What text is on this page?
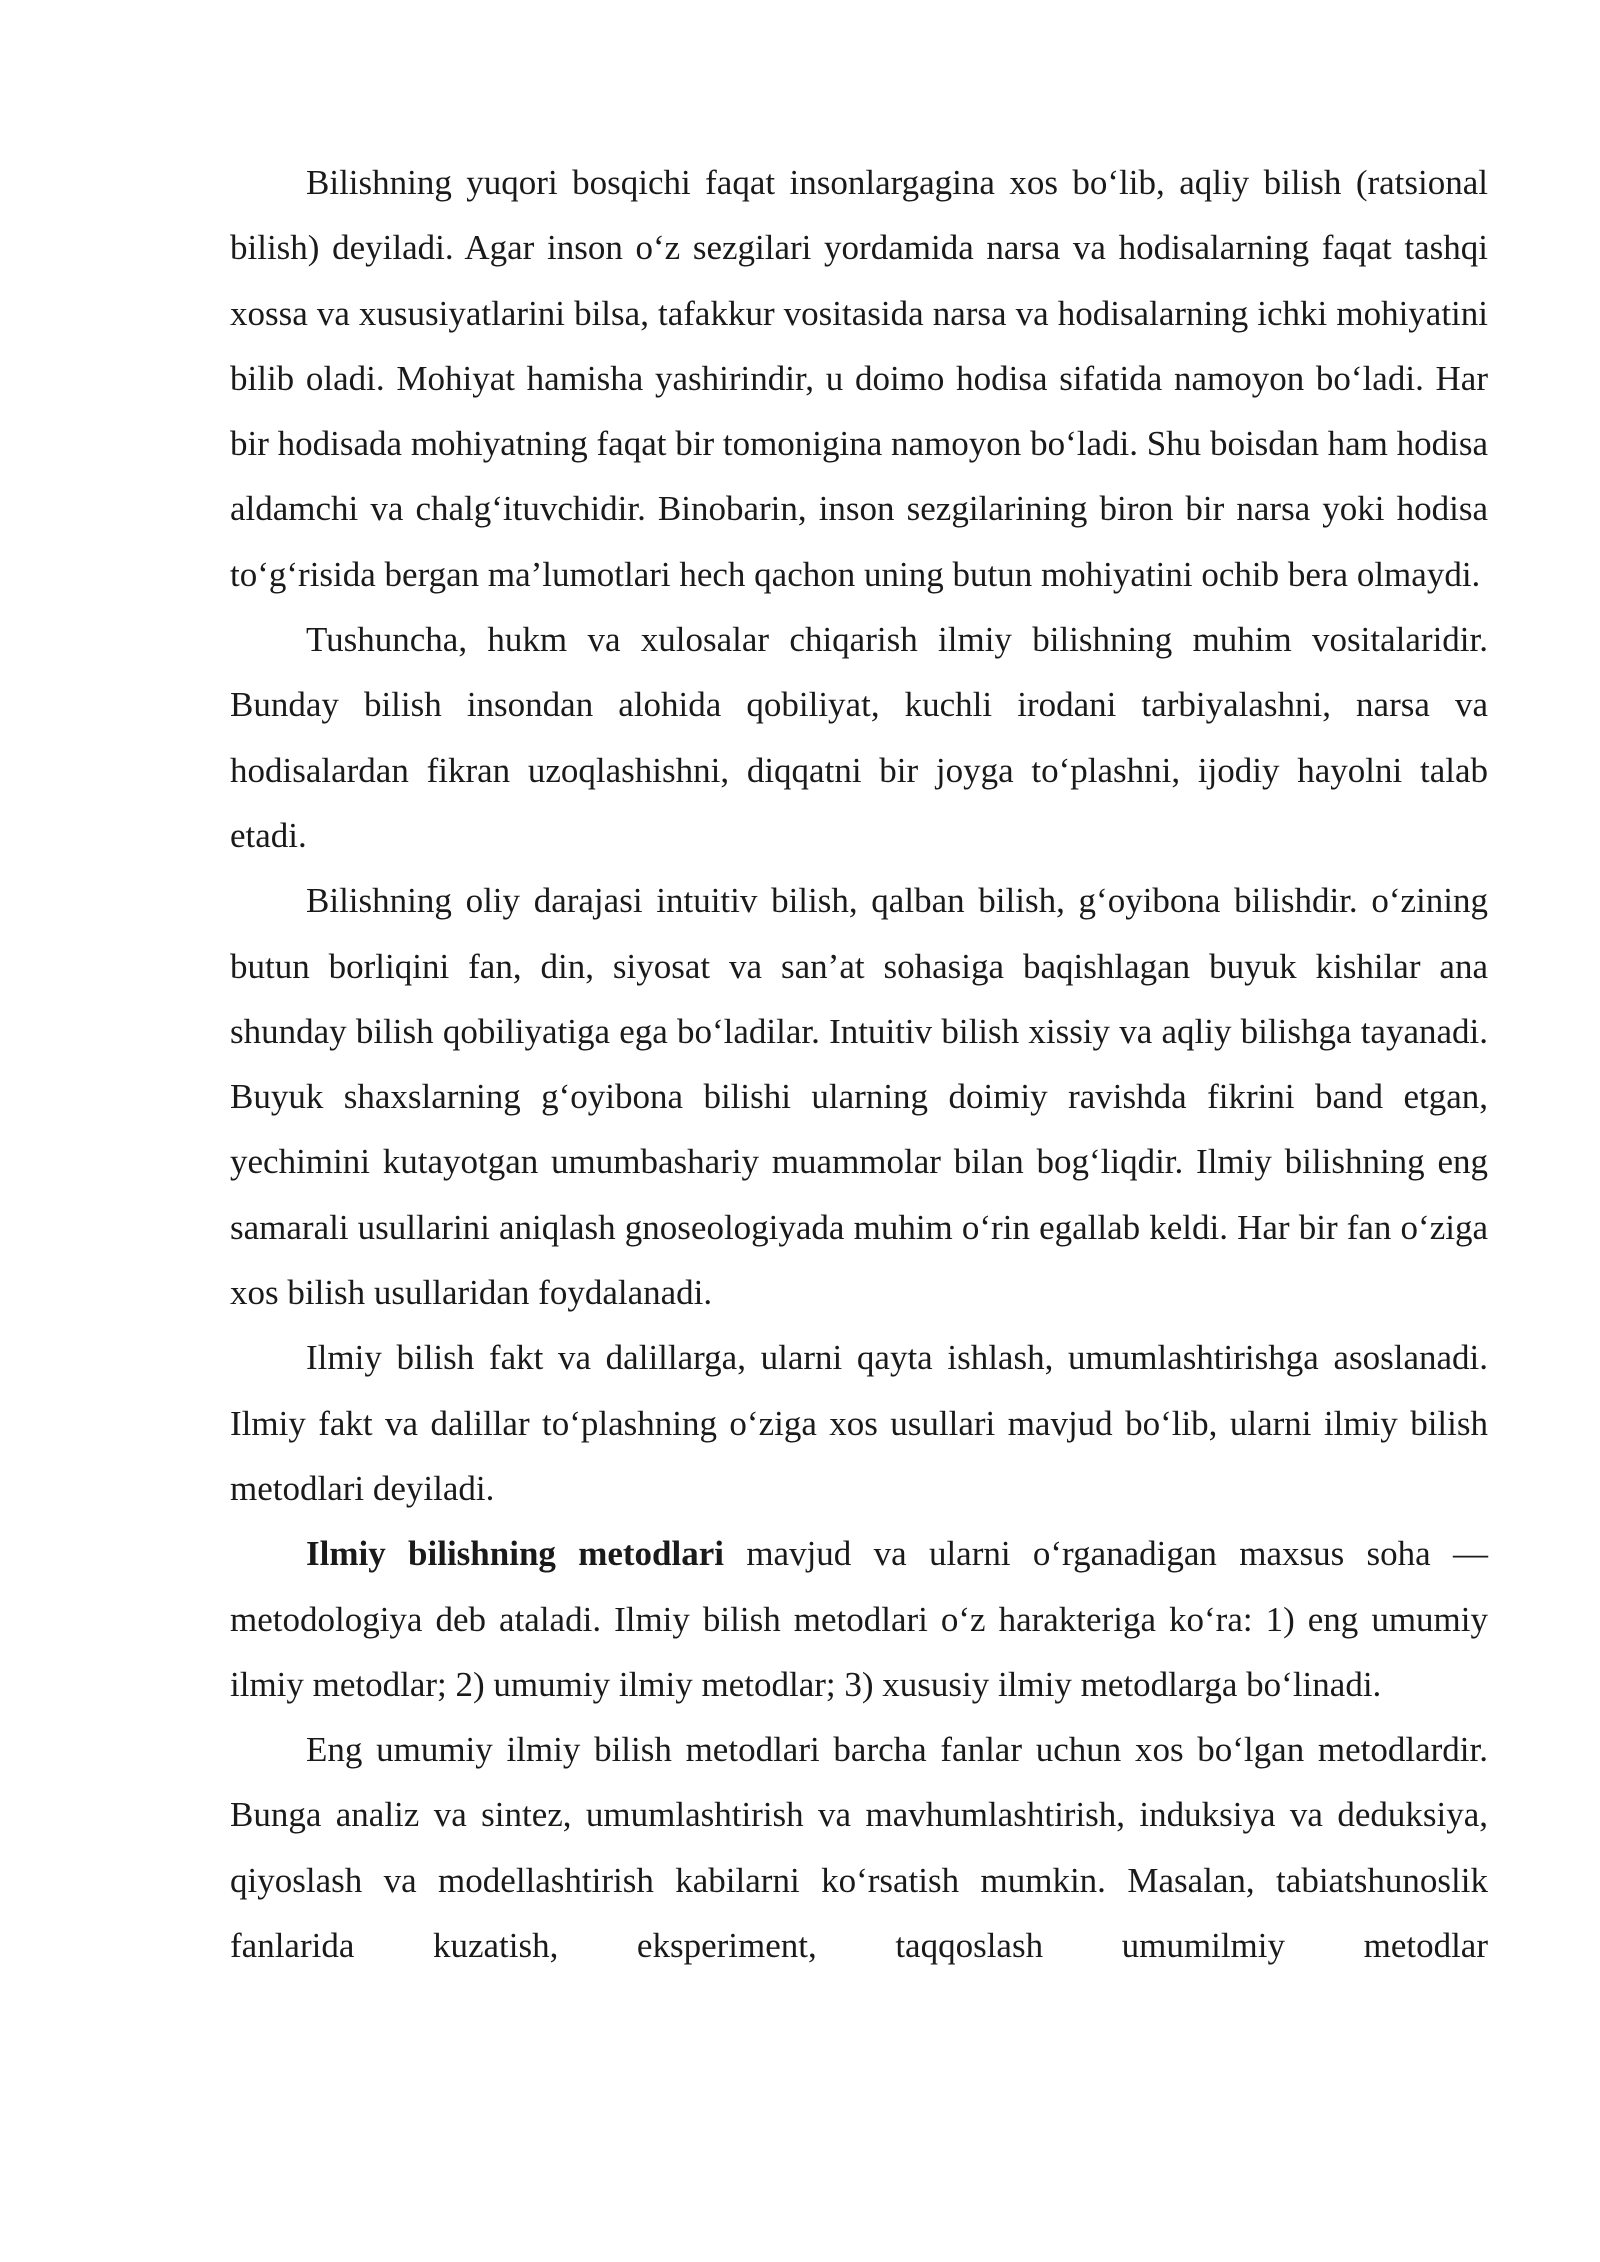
Bilishning yuqori bosqichi faqat insonlargagina xos bo‘lib, aqliy bilish (ratsional bilish) deyiladi. Agar inson o‘z sezgilari yordamida narsa va hodisalarning faqat tashqi xossa va xususiyatlarini bilsa, tafakkur vositasida narsa va hodisalarning ichki mohiyatini bilib oladi. Mohiyat hamisha yashirindir, u doimo hodisa sifatida namoyon bo‘ladi. Har bir hodisada mohiyatning faqat bir tomonigina namoyon bo‘ladi. Shu boisdan ham hodisa aldamchi va chalg‘ituvchidir. Binobarin, inson sezgilarining biron bir narsa yoki hodisa to‘g‘risida bergan ma’lumotlari hech qachon uning butun mohiyatini ochib bera olmaydi.

Tushuncha, hukm va xulosalar chiqarish ilmiy bilishning muhim vositalaridir. Bunday bilish insondan alohida qobiliyat, kuchli irodani tarbiyalashni, narsa va hodisalardan fikran uzoqlashishni, diqqatni bir joyga to‘plashni, ijodiy hayolni talab etadi.

Bilishning oliy darajasi intuitiv bilish, qalban bilish, g‘oyibona bilishdir. o‘zining butun borliqini fan, din, siyosat va san’at sohasiga baqishlagan buyuk kishilar ana shunday bilish qobiliyatiga ega bo‘ladilar. Intuitiv bilish xissiy va aqliy bilishga tayanadi. Buyuk shaxslarning g‘oyibona bilishi ularning doimiy ravishda fikrini band etgan, yechimini kutayotgan umumbashariy muammolar bilan bog‘liqdir. Ilmiy bilishning eng samarali usullarini aniqlash gnoseologiyada muhim o‘rin egallab keldi. Har bir fan o‘ziga xos bilish usullaridan foydalanadi.

Ilmiy bilish fakt va dalillarga, ularni qayta ishlash, umumlashtirishga asoslanadi. Ilmiy fakt va dalillar to‘plashning o‘ziga xos usullari mavjud bo‘lib, ularni ilmiy bilish metodlari deyiladi.

Ilmiy bilishning metodlari mavjud va ularni o‘rganadigan maxsus soha — metodologiya deb ataladi. Ilmiy bilish metodlari o‘z harakteriga ko‘ra: 1) eng umumiy ilmiy metodlar; 2) umumiy ilmiy metodlar; 3) xususiy ilmiy metodlarga bo‘linadi.

Eng umumiy ilmiy bilish metodlari barcha fanlar uchun xos bo‘lgan metodlardir. Bunga analiz va sintez, umumlashtirish va mavhumlashtirish, induksiya va deduksiya, qiyoslash va modellashtirish kabilarni ko‘rsatish mumkin. Masalan, tabiatshunoslik fanlarida kuzatish, eksperiment, taqqoslash umumilmiy metodlar
